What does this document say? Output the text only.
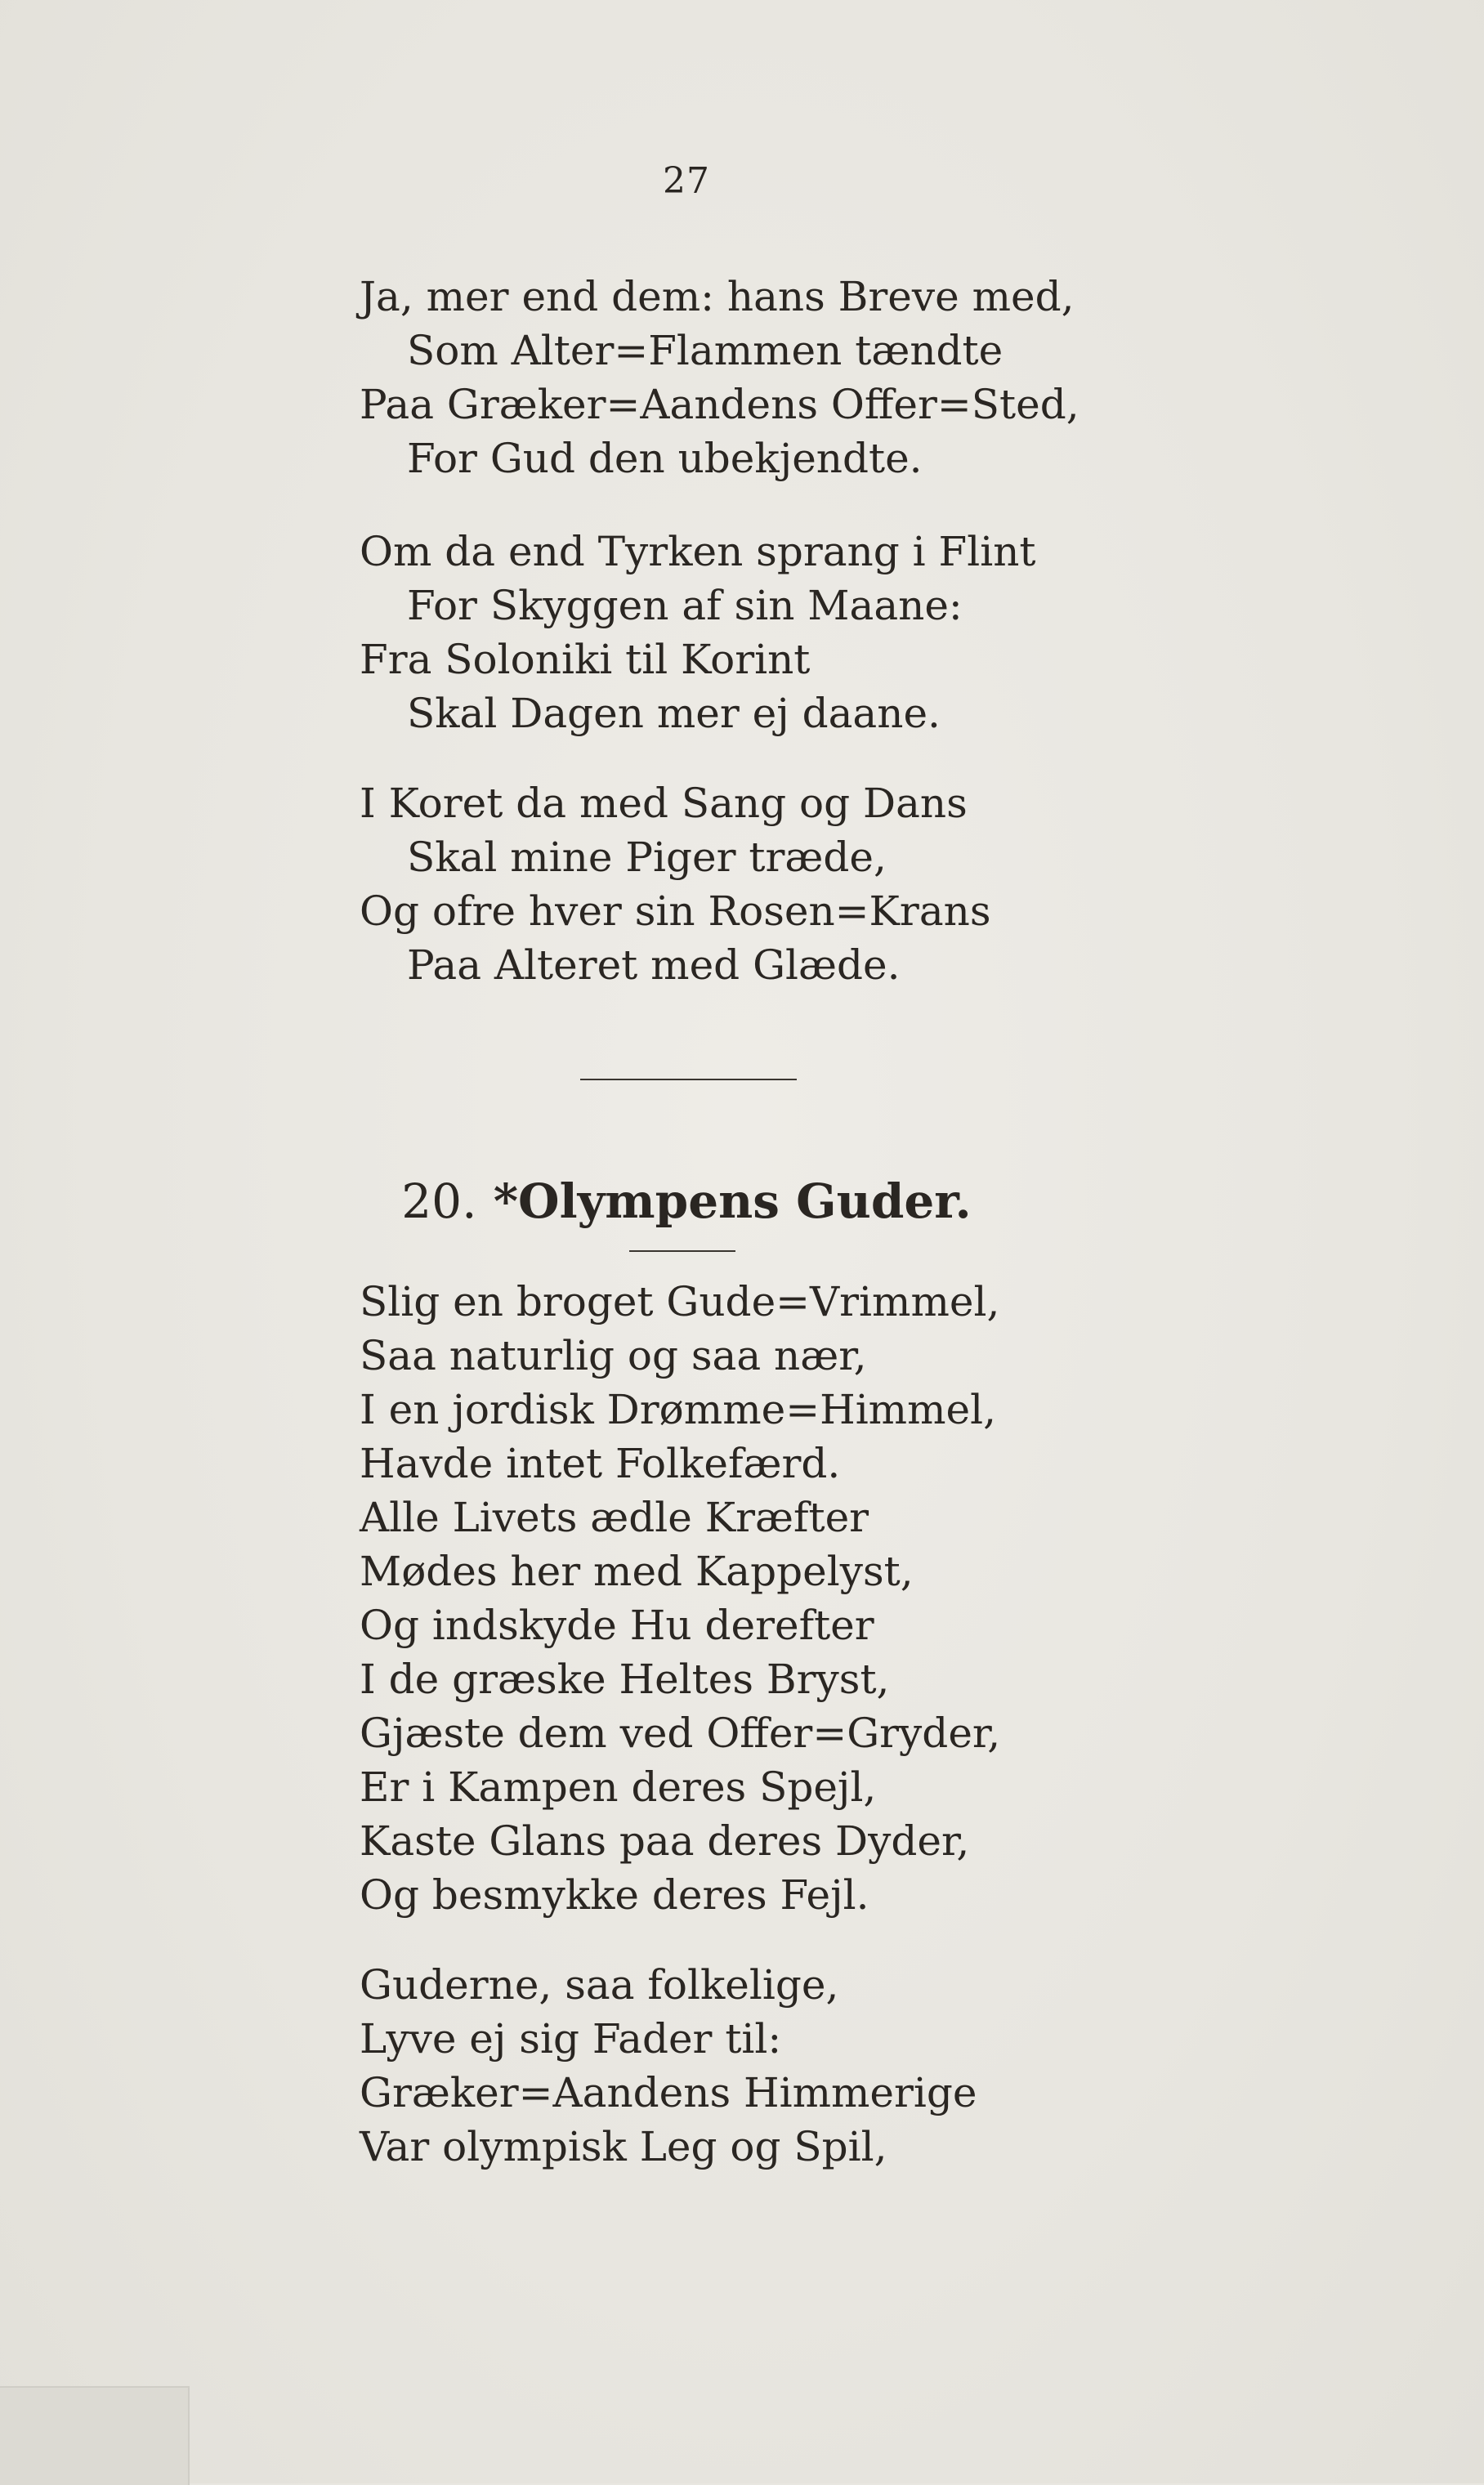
27
Ja, mer end dem: hans Breve med,
Som Alter=Flammen tændte
Paa Græker=Aandens Offer=Sted,
For Gud den ubekjendte.
Om da end Tyrken sprang i Flint
For Skyggen af sin Maane:
Fra Soloniki til Korint
Skal Dagen mer ej daane.
I Koret da med Sang og Dans
Skal mine Piger træde,
Og ofre hver sin Rosen=Krans
Paa Alteret med Glæde.
20. *Olympens Guder.
Slig en broget Gude=Vrimmel,
Saa naturlig og saa nær,
I en jordisk Drømme=Himmel,
Havde intet Folkefærd.
Alle Livets ædle Kræfter
Mødes her med Kappelyst,
Og indskyde Hu derefter
I de græske Heltes Bryst,
Gjæste dem ved Offer=Gryder,
Er i Kampen deres Spejl,
Kaste Glans paa deres Dyder,
Og besmykke deres Fejl.
Guderne, saa folkelige,
Lyve ej sig Fader til:
Græker=Aandens Himmerige
Var olympisk Leg og Spil,
